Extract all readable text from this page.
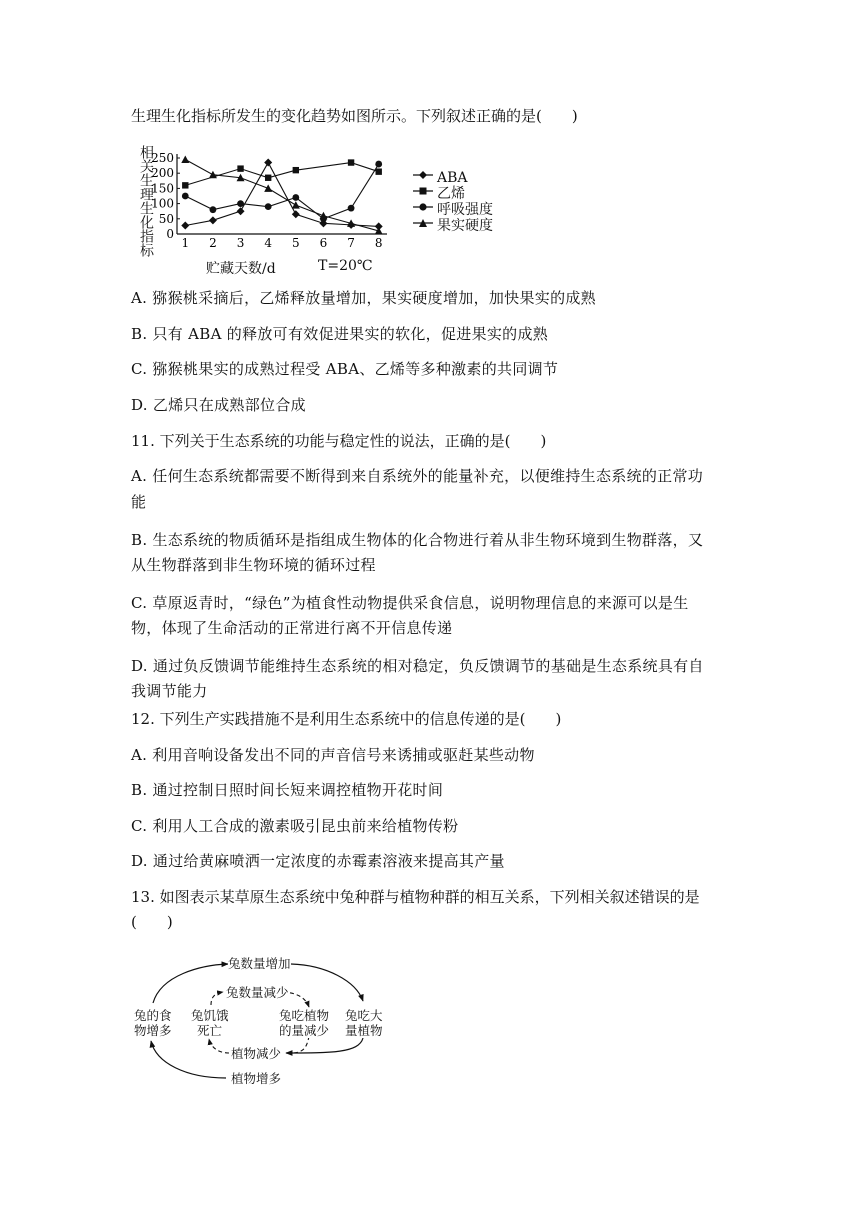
生理生化指标所发生的变化趋势如图所示。下列叙述正确的是(　　)
相关生理生化指标 0
50
100
150
200
250
1 2 3 4 5 6 7 8
贮藏天数/d	T=20℃
ABA
乙烯
呼吸强度
果实硬度
A. 猕猴桃采摘后，乙烯释放量增加，果实硬度增加，加快果实的成熟
B. 只有 ABA 的释放可有效促进果实的软化，促进果实的成熟
C. 猕猴桃果实的成熟过程受 ABA、乙烯等多种激素的共同调节
D. 乙烯只在成熟部位合成
11. 下列关于生态系统的功能与稳定性的说法，正确的是(　　)
A. 任何生态系统都需要不断得到来自系统外的能量补充，以便维持生态系统的正常功
能
B. 生态系统的物质循环是指组成生物体的化合物进行着从非生物环境到生物群落，又
从生物群落到非生物环境的循环过程
C. 草原返青时，“绿色”为植食性动物提供采食信息，说明物理信息的来源可以是生
物，体现了生命活动的正常进行离不开信息传递
D. 通过负反馈调节能维持生态系统的相对稳定，负反馈调节的基础是生态系统具有自
我调节能力
12. 下列生产实践措施不是利用生态系统中的信息传递的是(　　)
A. 利用音响设备发出不同的声音信号来诱捕或驱赶某些动物
B. 通过控制日照时间长短来调控植物开花时间
C. 利用人工合成的激素吸引昆虫前来给植物传粉
D. 通过给黄麻喷洒一定浓度的赤霉素溶液来提高其产量
13. 如图表示某草原生态系统中兔种群与植物种群的相互关系，下列相关叙述错误的是
(　　)
兔数量增加
兔数量减少
兔的食
物增多
兔饥饿
死亡
兔吃植物
的量减少
兔吃大
量植物
植物减少
植物增多
